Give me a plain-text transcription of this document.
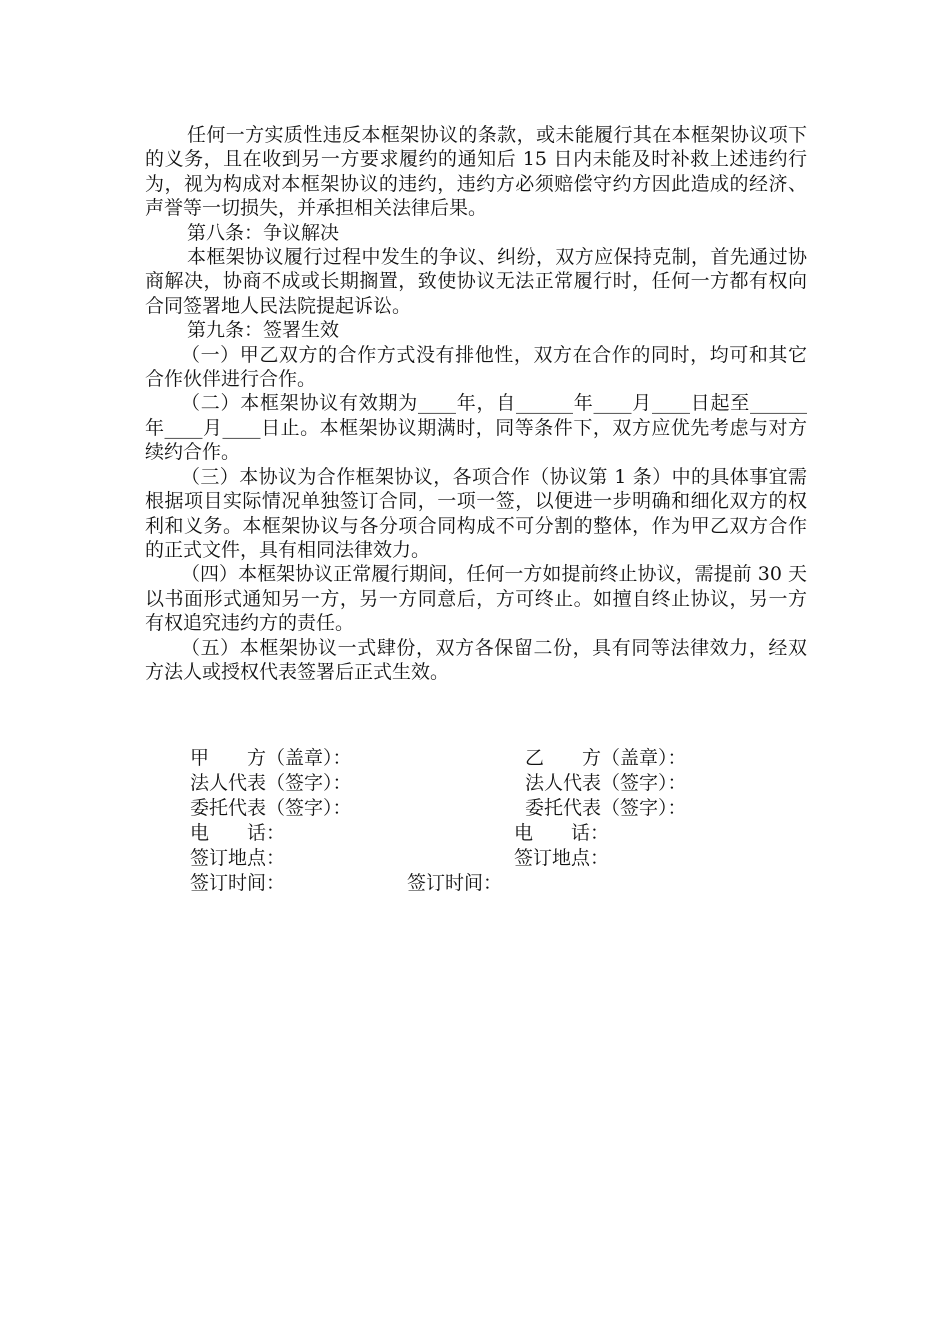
任何一方实质性违反本框架协议的条款，或未能履行其在本框架协议项下的义务，且在收到另一方要求履约的通知后 15 日内未能及时补救上述违约行为，视为构成对本框架协议的违约，违约方必须赔偿守约方因此造成的经济、声誉等一切损失，并承担相关法律后果。

第八条：争议解决

本框架协议履行过程中发生的争议、纠纷，双方应保持克制，首先通过协商解决，协商不成或长期搁置，致使协议无法正常履行时，任何一方都有权向合同签署地人民法院提起诉讼。

第九条：签署生效

（一）甲乙双方的合作方式没有排他性，双方在合作的同时，均可和其它合作伙伴进行合作。

（二）本框架协议有效期为____年，自______年____月____日起至______年____月____日止。本框架协议期满时，同等条件下，双方应优先考虑与对方续约合作。

（三）本协议为合作框架协议，各项合作（协议第 1 条）中的具体事宜需根据项目实际情况单独签订合同，一项一签，以便进一步明确和细化双方的权利和义务。本框架协议与各分项合同构成不可分割的整体，作为甲乙双方合作的正式文件，具有相同法律效力。

（四）本框架协议正常履行期间，任何一方如提前终止协议，需提前 30 天以书面形式通知另一方，另一方同意后，方可终止。如擅自终止协议，另一方有权追究违约方的责任。

（五）本框架协议一式肆份，双方各保留二份，具有同等法律效力，经双方法人或授权代表签署后正式生效。

甲　　方（盖章）：	乙　　方（盖章）：
法人代表（签字）：	法人代表（签字）：
委托代表（签字）：	委托代表（签字）：
电　　话：	电　　话：
签订地点：	签订地点：
签订时间：	签订时间：
